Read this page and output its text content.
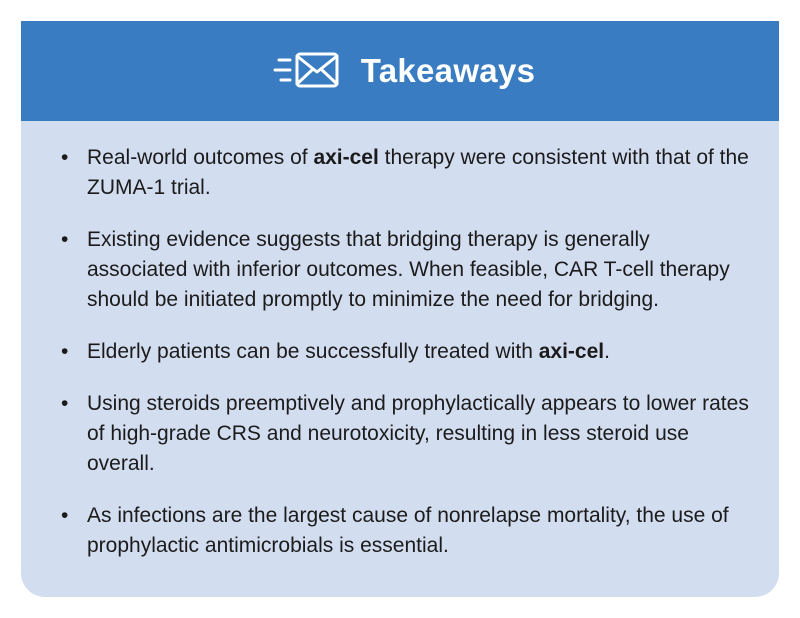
Takeaways
• Real-world outcomes of axi-cel therapy were consistent with that of the ZUMA-1 trial.
• Existing evidence suggests that bridging therapy is generally associated with inferior outcomes. When feasible, CAR T-cell therapy should be initiated promptly to minimize the need for bridging.
• Elderly patients can be successfully treated with axi-cel.
• Using steroids preemptively and prophylactically appears to lower rates of high-grade CRS and neurotoxicity, resulting in less steroid use overall.
• As infections are the largest cause of nonrelapse mortality, the use of prophylactic antimicrobials is essential.
